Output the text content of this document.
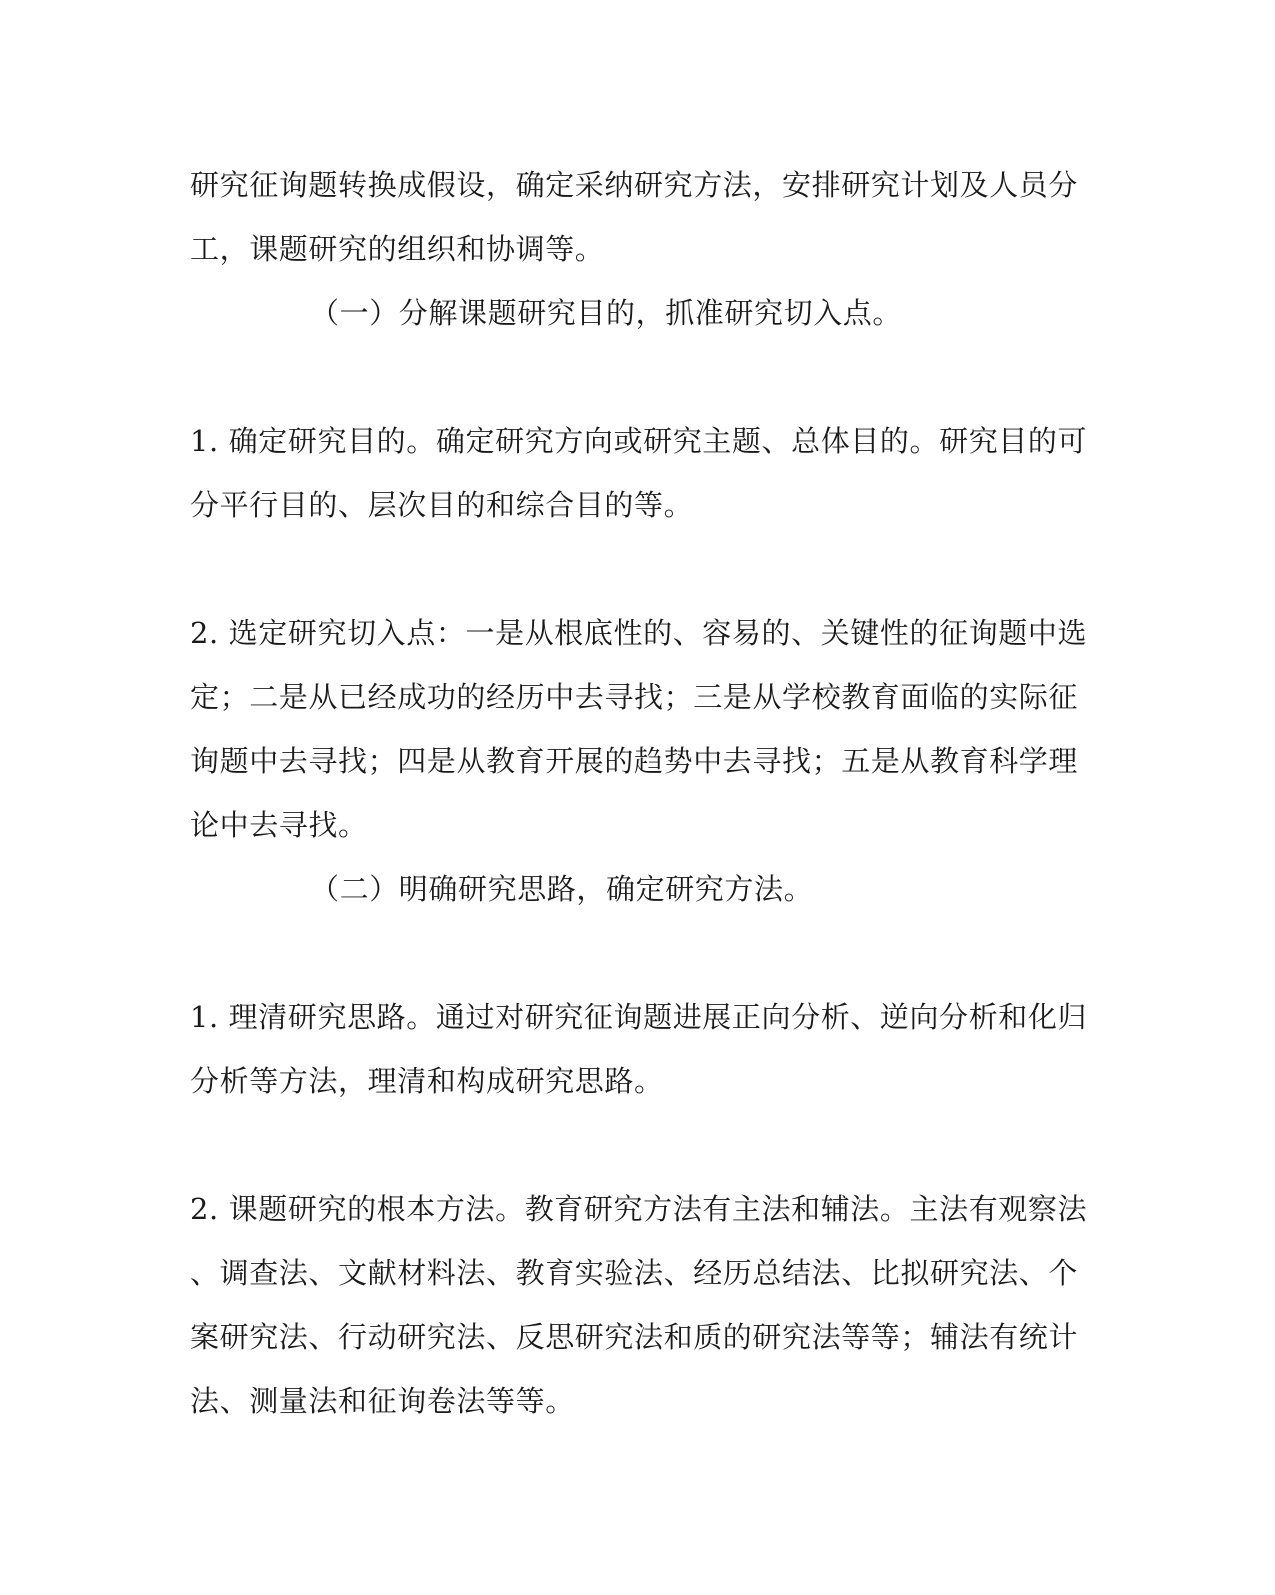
研究征询题转换成假设，确定采纳研究方法，安排研究计划及人员分
工，课题研究的组织和协调等。
（一）分解课题研究目的，抓准研究切入点。
1. 确定研究目的。确定研究方向或研究主题、总体目的。研究目的可
分平行目的、层次目的和综合目的等。
2. 选定研究切入点：一是从根底性的、容易的、关键性的征询题中选
定；二是从已经成功的经历中去寻找；三是从学校教育面临的实际征
询题中去寻找；四是从教育开展的趋势中去寻找；五是从教育科学理
论中去寻找。
（二）明确研究思路，确定研究方法。
1. 理清研究思路。通过对研究征询题进展正向分析、逆向分析和化归
分析等方法，理清和构成研究思路。
2. 课题研究的根本方法。教育研究方法有主法和辅法。主法有观察法
、调查法、文献材料法、教育实验法、经历总结法、比拟研究法、个
案研究法、行动研究法、反思研究法和质的研究法等等；辅法有统计
法、测量法和征询卷法等等。
